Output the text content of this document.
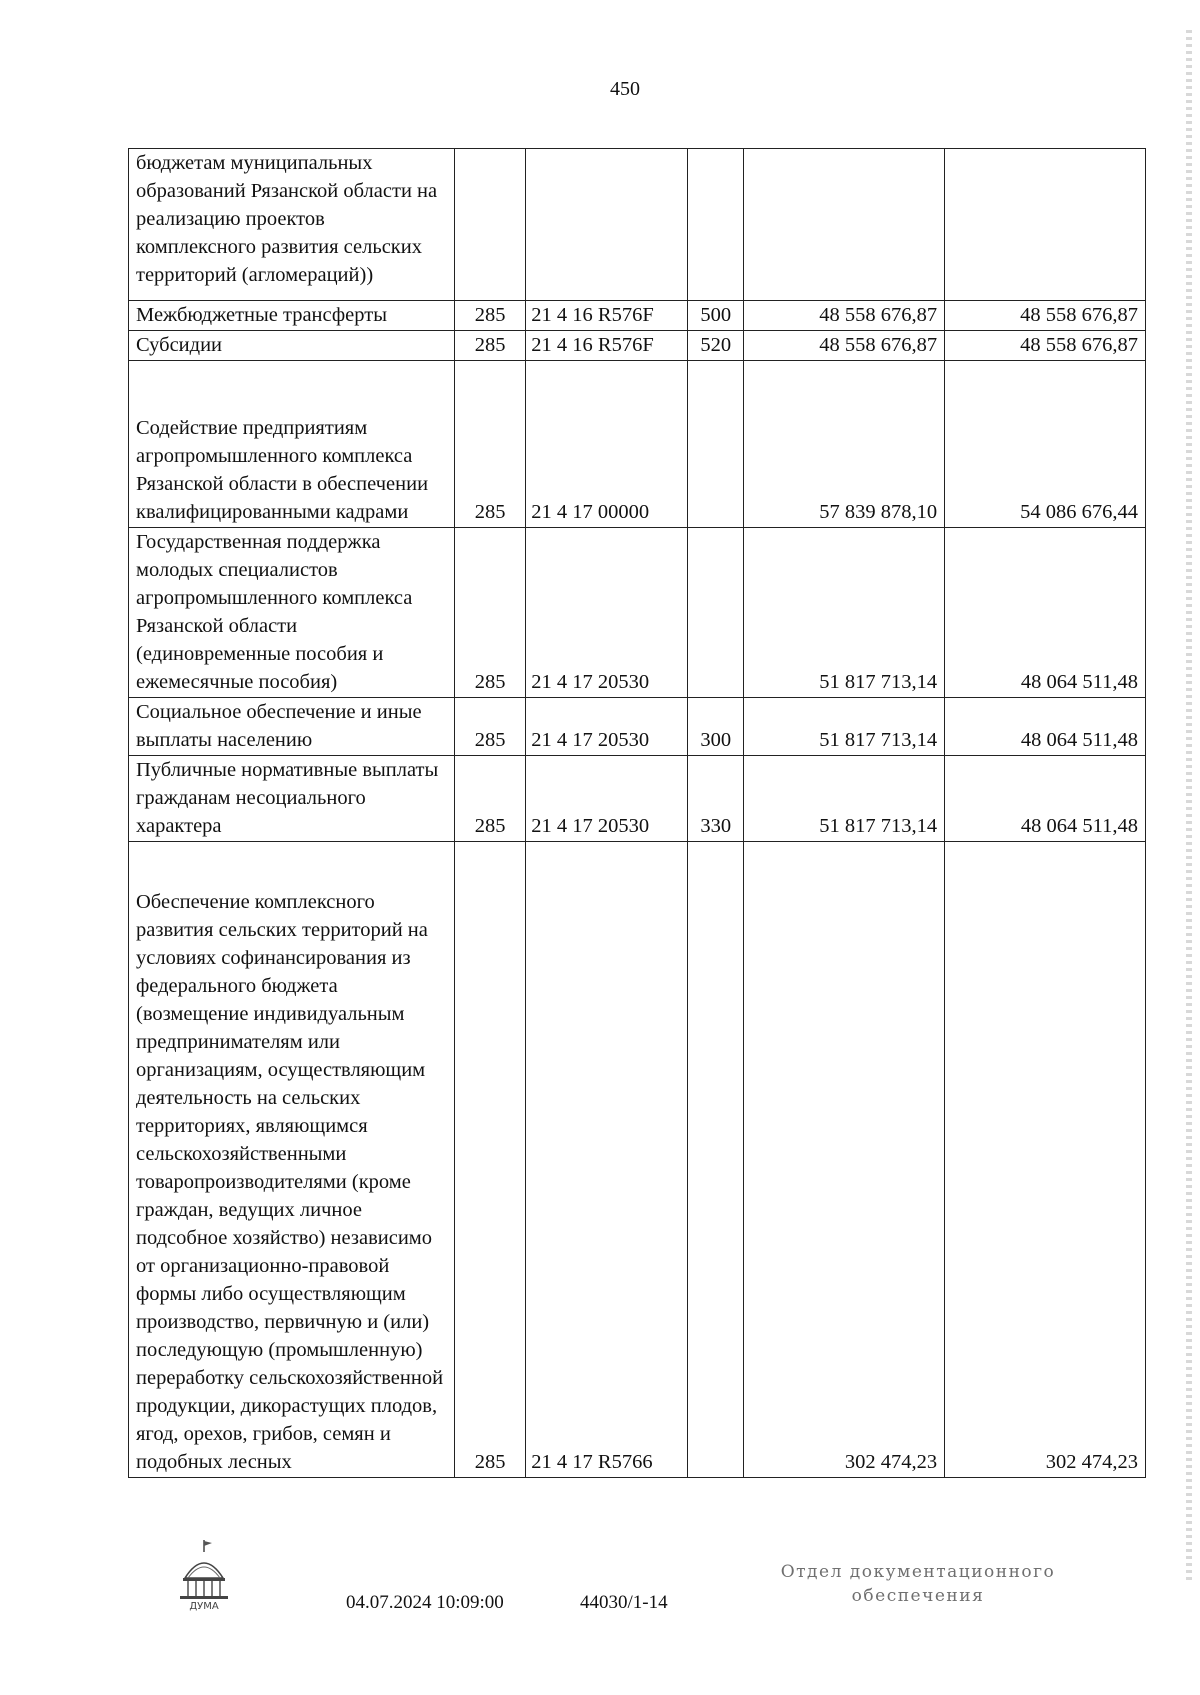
450
бюджетам муниципальных образований Рязанской области на реализацию проектов комплексного развития сельских территорий (агломераций))					
Межбюджетные трансферты	285	21 4 16 R576F	500	48 558 676,87	48 558 676,87
Субсидии	285	21 4 16 R576F	520	48 558 676,87	48 558 676,87
Содействие предприятиям агропромышленного комплекса Рязанской области в обеспечении квалифицированными кадрами	285	21 4 17 00000		57 839 878,10	54 086 676,44
Государственная поддержка молодых специалистов агропромышленного комплекса Рязанской области (единовременные пособия и ежемесячные пособия)	285	21 4 17 20530		51 817 713,14	48 064 511,48
Социальное обеспечение и иные выплаты населению	285	21 4 17 20530	300	51 817 713,14	48 064 511,48
Публичные нормативные выплаты гражданам несоциального характера	285	21 4 17 20530	330	51 817 713,14	48 064 511,48
Обеспечение комплексного развития сельских территорий на условиях софинансирования из федерального бюджета (возмещение индивидуальным предпринимателям или организациям, осуществляющим деятельность на сельских территориях, являющимся сельскохозяйственными товаропроизводителями (кроме граждан, ведущих личное подсобное хозяйство) независимо от организационно-правовой формы либо осуществляющим производство, первичную и (или) последующую (промышленную) переработку сельскохозяйственной продукции, дикорастущих плодов, ягод, орехов, грибов, семян и подобных лесных	285	21 4 17 R5766		302 474,23	302 474,23
ДУМА	04.07.2024 10:09:00	44030/1-14
Отдел документационного
обеспечения
